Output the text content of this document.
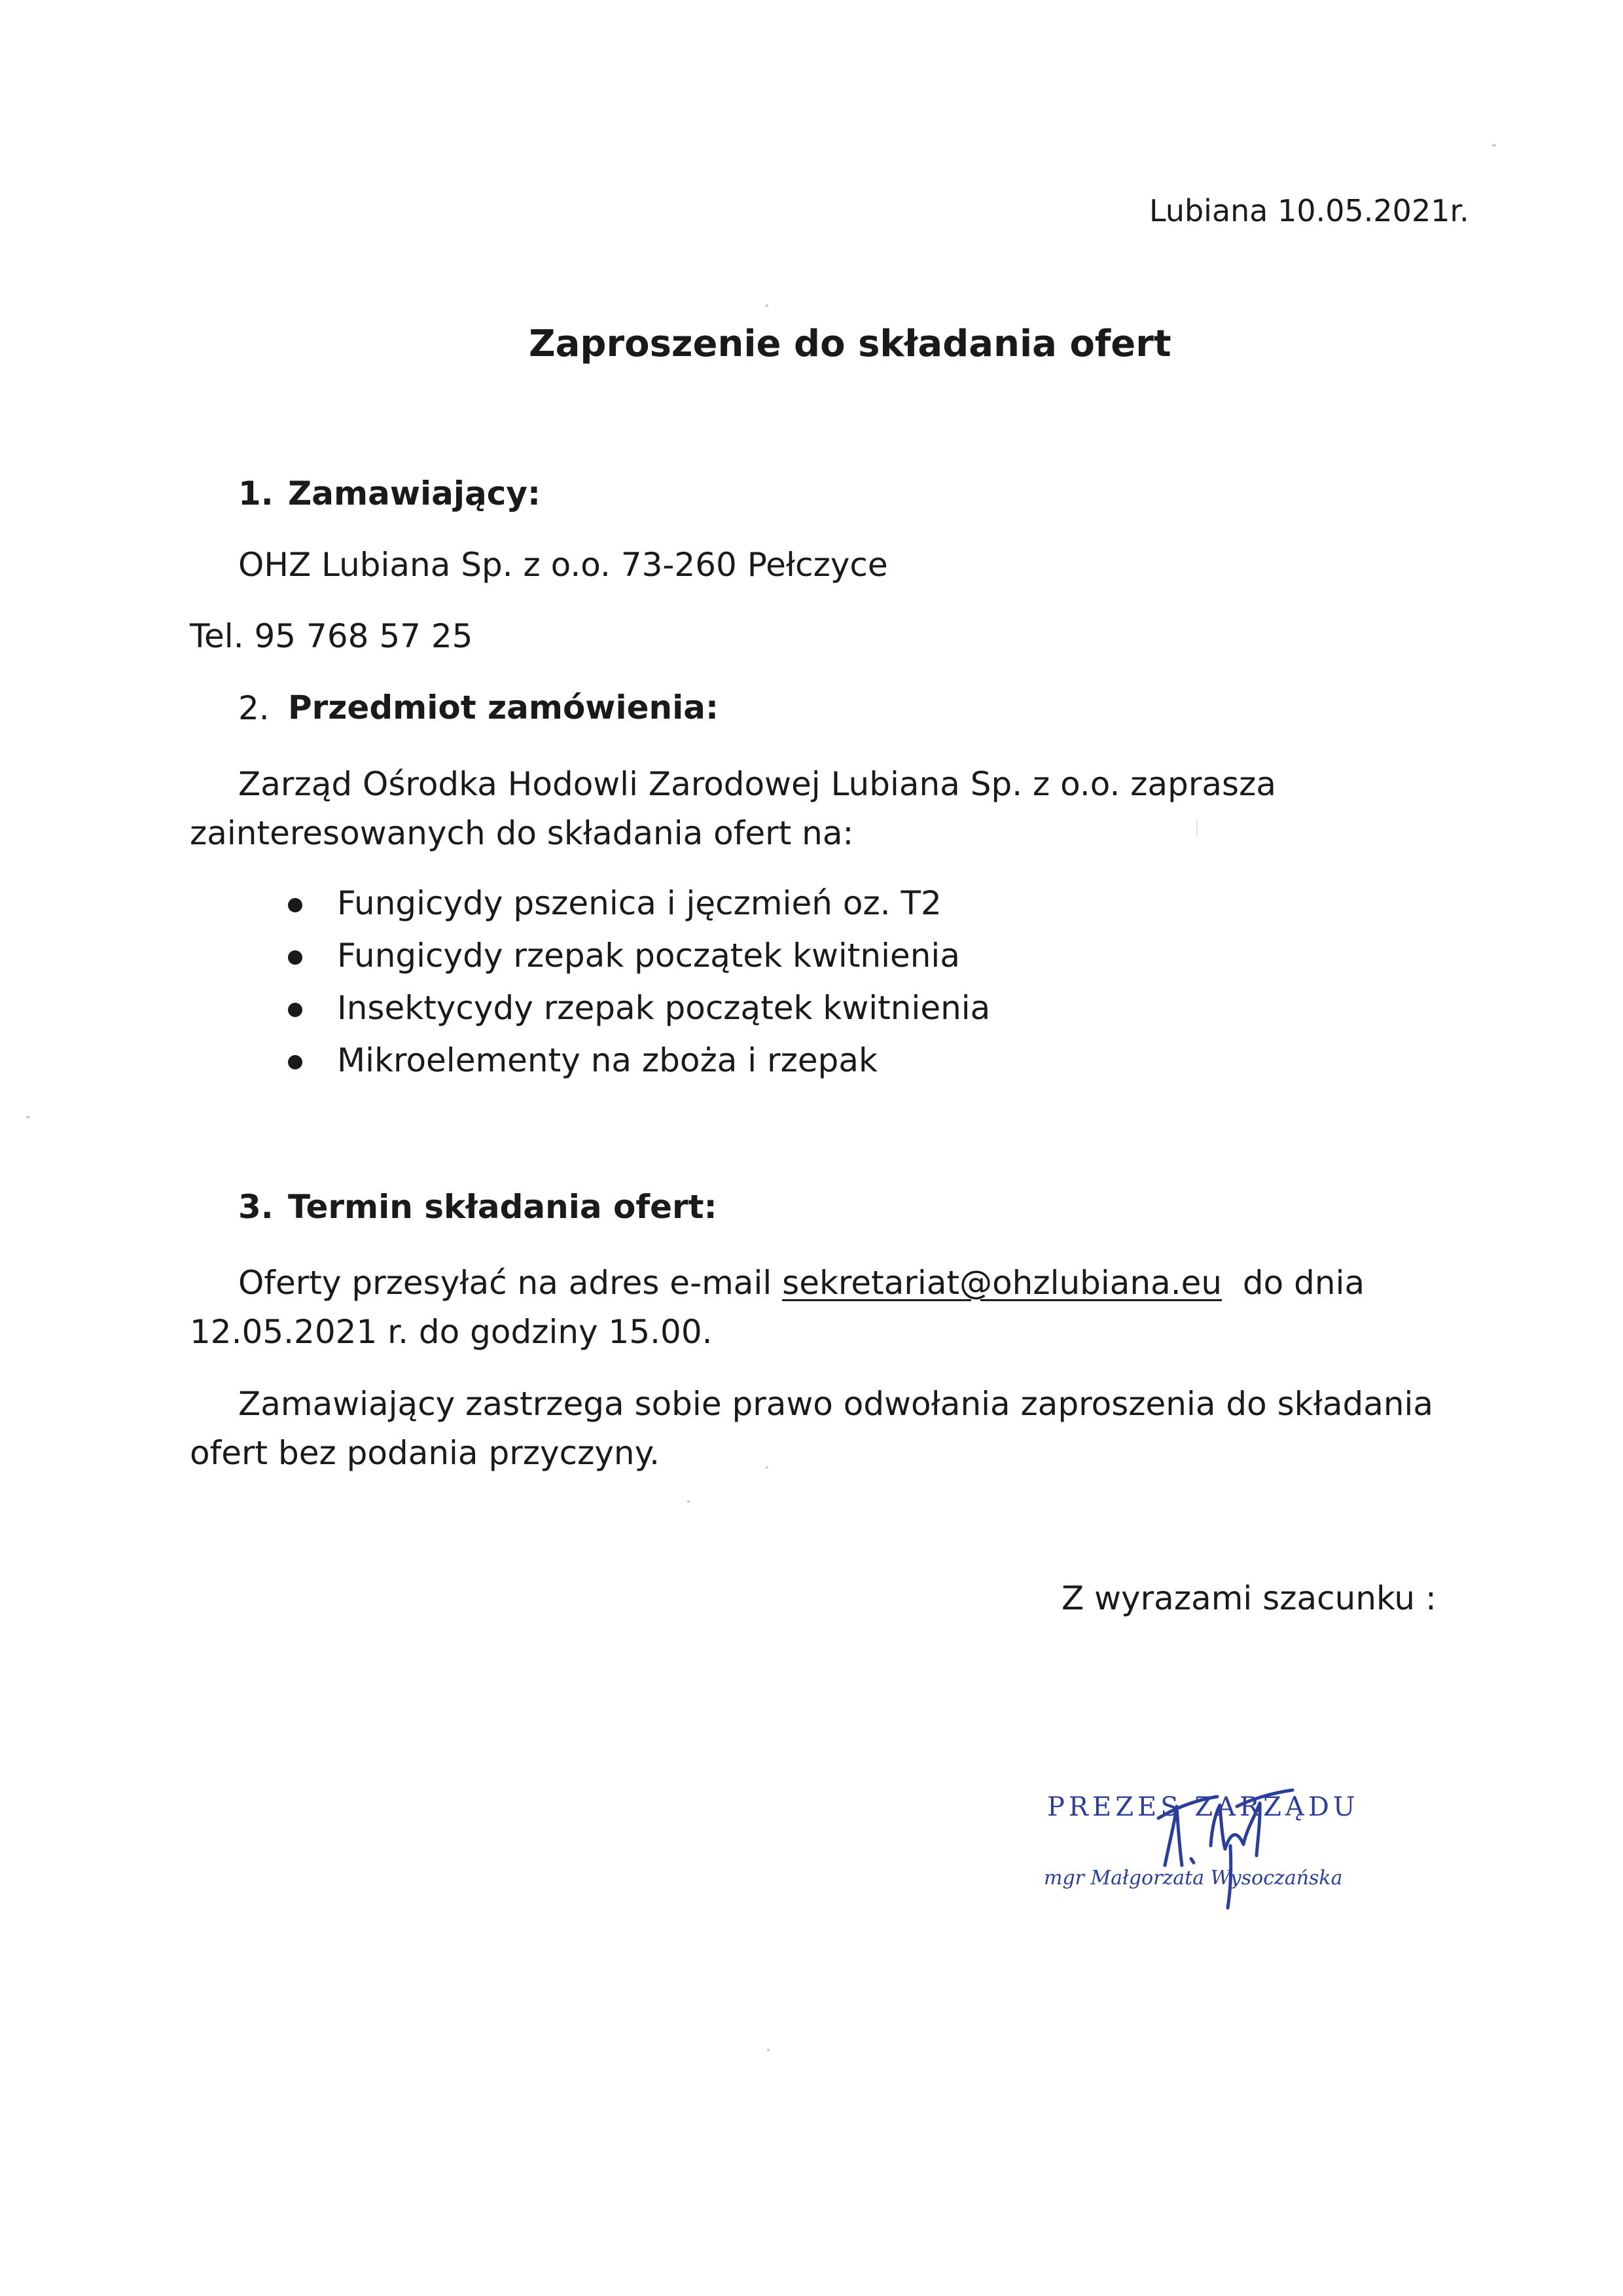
Lubiana 10.05.2021r.
Zaproszenie do składania ofert
1. Zamawiający:
OHZ Lubiana Sp. z o.o. 73-260 Pełczyce
Tel. 95 768 57 25
2. Przedmiot zamówienia:
Zarząd Ośrodka Hodowli Zarodowej Lubiana Sp. z o.o. zaprasza
zainteresowanych do składania ofert na:
Fungicydy pszenica i jęczmień oz. T2
Fungicydy rzepak początek kwitnienia
Insektycydy rzepak początek kwitnienia
Mikroelementy na zboża i rzepak
3. Termin składania ofert:
Oferty przesyłać na adres e-mail sekretariat@ohzlubiana.eu  do dnia
12.05.2021 r. do godziny 15.00.
Zamawiający zastrzega sobie prawo odwołania zaproszenia do składania
ofert bez podania przyczyny.
Z wyrazami szacunku :
PREZES ZARZĄDU
mgr Małgorzata Wysoczańska
